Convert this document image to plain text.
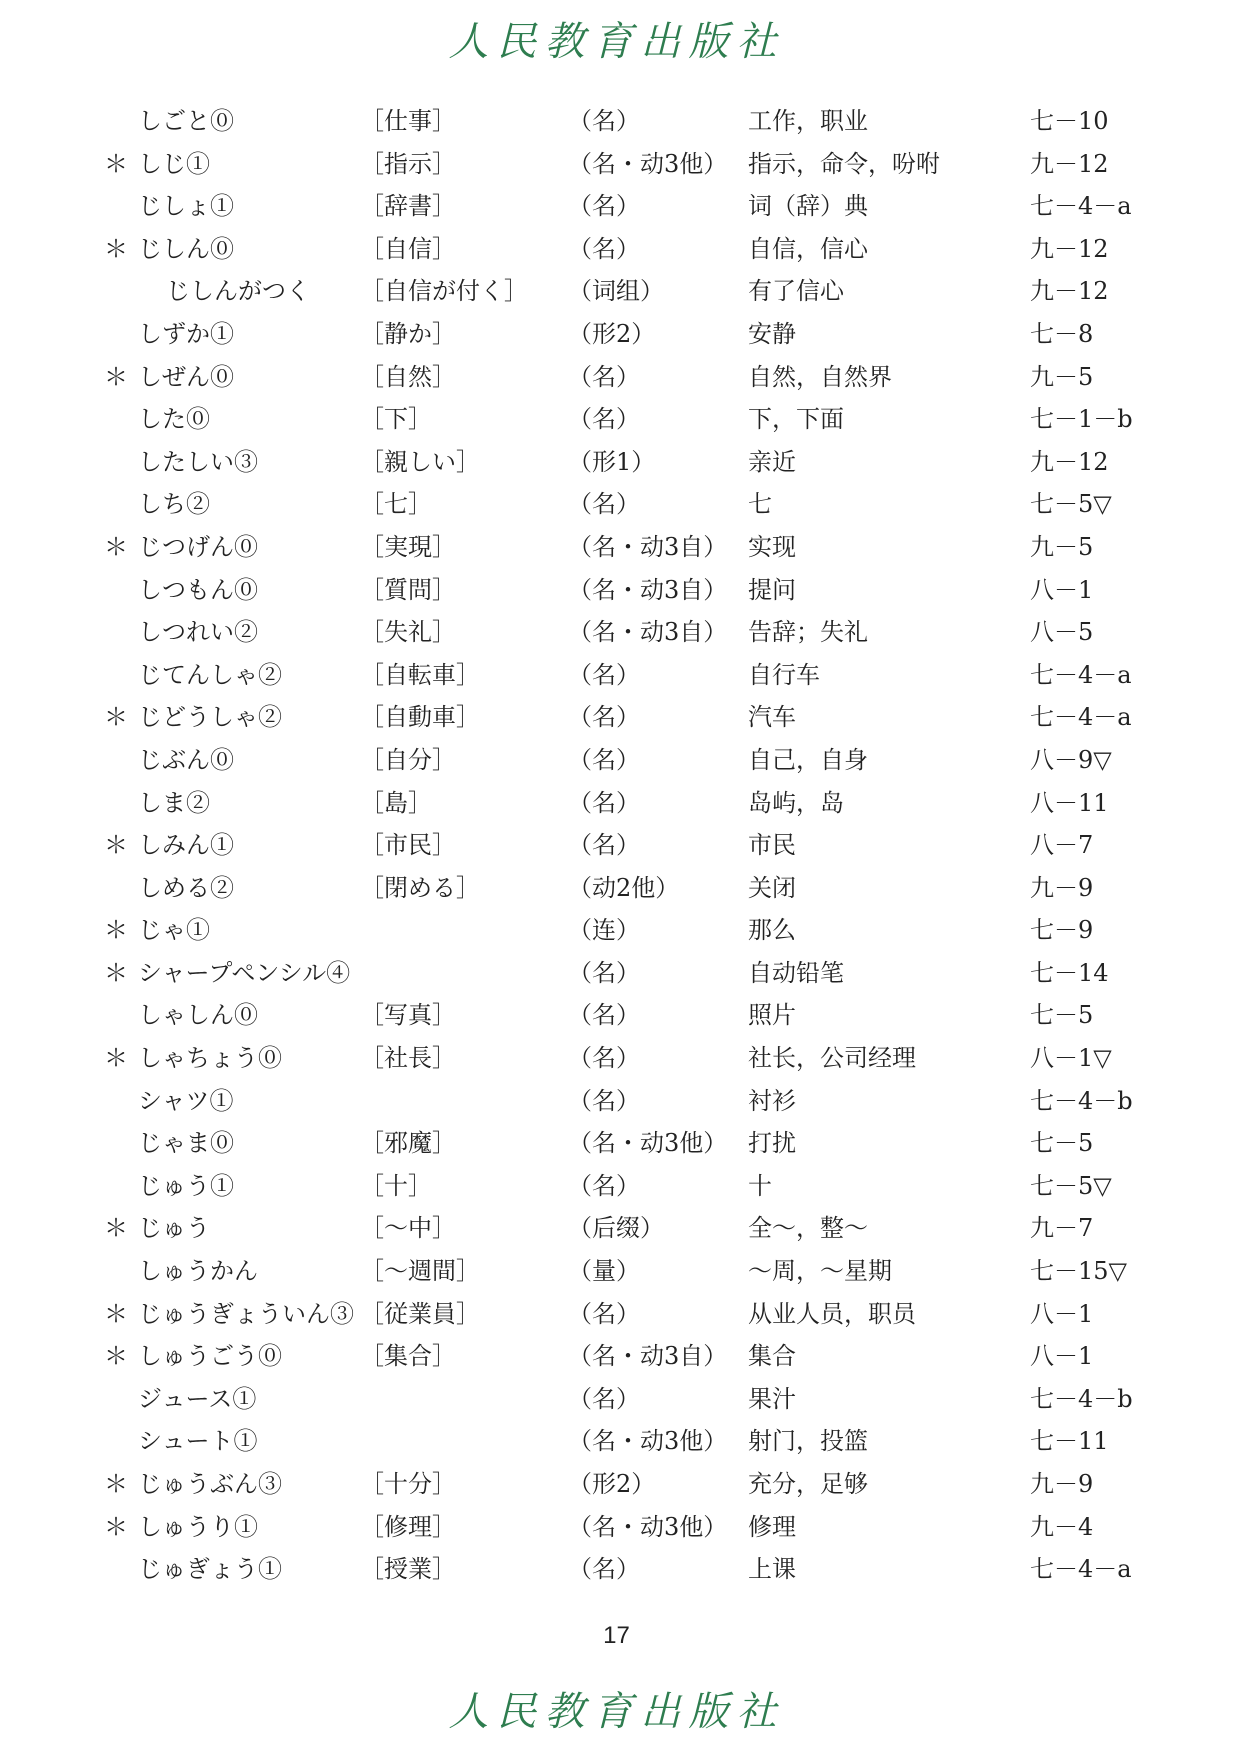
人民教育出版社
しごと⓪	［仕事］	（名）	工作，职业	七－10
＊ しじ①	［指示］	（名・动3他） 指示，命令，吩咐	九－12
じしょ①	［辞書］	（名）	词（辞）典	七－4－a
＊ じしん⓪	［自信］	（名）	自信，信心	九－12
じしんがつく ［自信が付く］ （词组）	有了信心	九－12
しずか①	［静か］	（形2）	安静	七－8
＊ しぜん⓪	［自然］	（名）	自然，自然界	九－5
した⓪	［下］	（名）	下，下面	七－1－b
したしい③	［親しい］	（形1）	亲近	九－12
しち②	［七］	（名）	七	七－5▽
＊ じつげん⓪	［実現］	（名・动3自） 实现	九－5
しつもん⓪	［質問］	（名・动3自） 提问	八－1
しつれい②	［失礼］	（名・动3自） 告辞；失礼	八－5
じてんしゃ②	［自転車］	（名）	自行车	七－4－a
＊ じどうしゃ②	［自動車］	（名）	汽车	七－4－a
じぶん⓪	［自分］	（名）	自己，自身	八－9▽
しま②	［島］	（名）	岛屿，岛	八－11
＊ しみん①	［市民］	（名）	市民	八－7
しめる②	［閉める］	（动2他）	关闭	九－9
＊ じゃ①	（连）	那么	七－9
＊ シャープペンシル④	（名）	自动铅笔	七－14
しゃしん⓪	［写真］	（名）	照片	七－5
＊ しゃちょう⓪	［社長］	（名）	社长，公司经理	八－1▽
シャツ①	（名）	衬衫	七－4－b
じゃま⓪	［邪魔］	（名・动3他） 打扰	七－5
じゅう①	［十］	（名）	十	七－5▽
＊ じゅう	［～中］	（后缀）	全～，整～	九－7
しゅうかん	［～週間］	（量）	～周，～星期	七－15▽
＊ じゅうぎょういん③ ［従業員］	（名）	从业人员，职员	八－1
＊ しゅうごう⓪	［集合］	（名・动3自） 集合	八－1
ジュース①	（名）	果汁	七－4－b
シュート①	（名・动3他） 射门，投篮	七－11
＊ じゅうぶん③	［十分］	（形2）	充分，足够	九－9
＊ しゅうり①	［修理］	（名・动3他） 修理	九－4
じゅぎょう①	［授業］	（名）	上课	七－4－a
17
人民教育出版社
